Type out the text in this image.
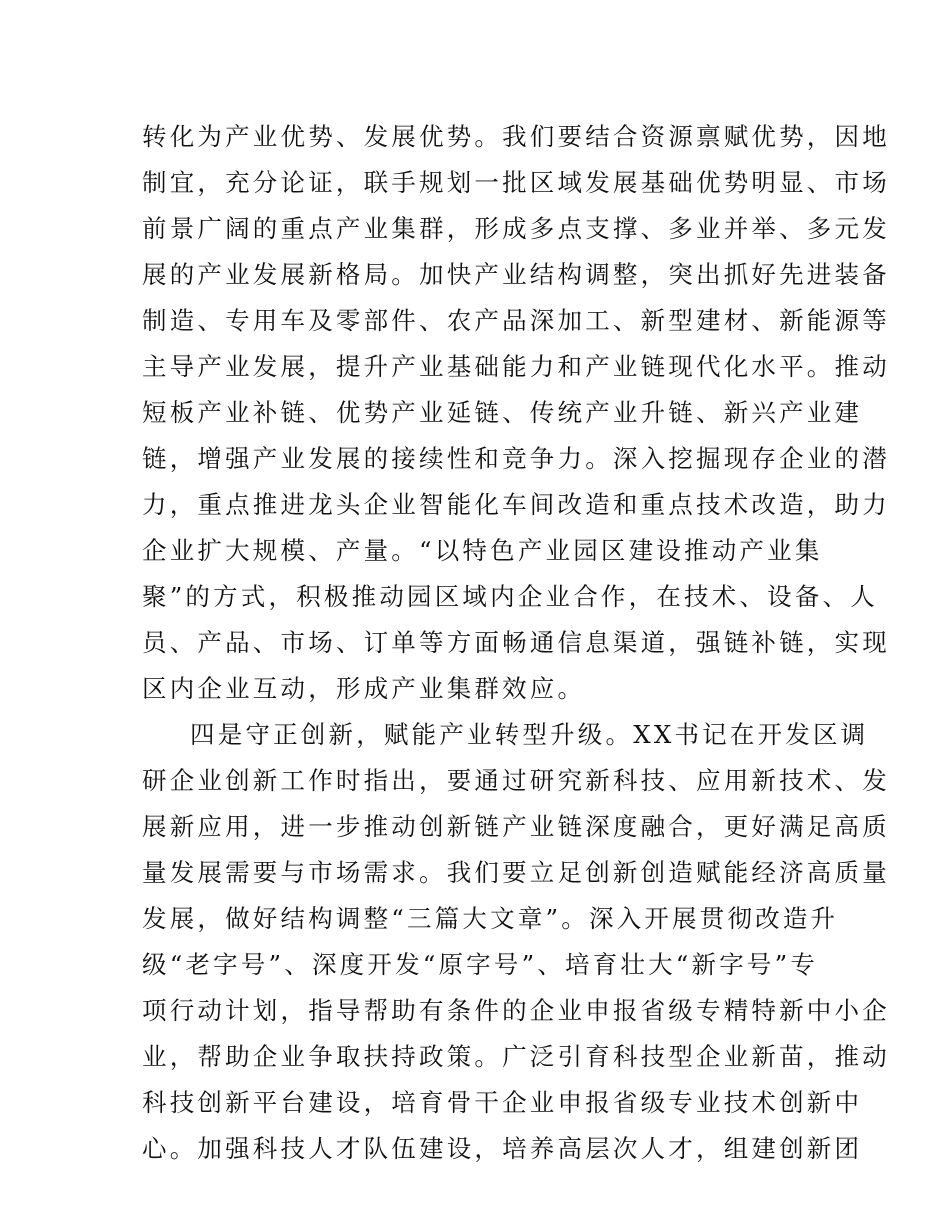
转化为产业优势、发展优势。我们要结合资源禀赋优势，因地
制宜，充分论证，联手规划一批区域发展基础优势明显、市场
前景广阔的重点产业集群，形成多点支撑、多业并举、多元发
展的产业发展新格局。加快产业结构调整，突出抓好先进装备
制造、专用车及零部件、农产品深加工、新型建材、新能源等
主导产业发展，提升产业基础能力和产业链现代化水平。推动
短板产业补链、优势产业延链、传统产业升链、新兴产业建
链，增强产业发展的接续性和竞争力。深入挖掘现存企业的潜
力，重点推进龙头企业智能化车间改造和重点技术改造，助力
企业扩大规模、产量。“以特色产业园区建设推动产业集
聚”的方式，积极推动园区域内企业合作，在技术、设备、人
员、产品、市场、订单等方面畅通信息渠道，强链补链，实现
区内企业互动，形成产业集群效应。
四是守正创新，赋能产业转型升级。XX书记在开发区调
研企业创新工作时指出，要通过研究新科技、应用新技术、发
展新应用，进一步推动创新链产业链深度融合，更好满足高质
量发展需要与市场需求。我们要立足创新创造赋能经济高质量
发展，做好结构调整“三篇大文章”。深入开展贯彻改造升
级“老字号”、深度开发“原字号”、培育壮大“新字号”专
项行动计划，指导帮助有条件的企业申报省级专精特新中小企
业，帮助企业争取扶持政策。广泛引育科技型企业新苗，推动
科技创新平台建设，培育骨干企业申报省级专业技术创新中
心。加强科技人才队伍建设，培养高层次人才，组建创新团
